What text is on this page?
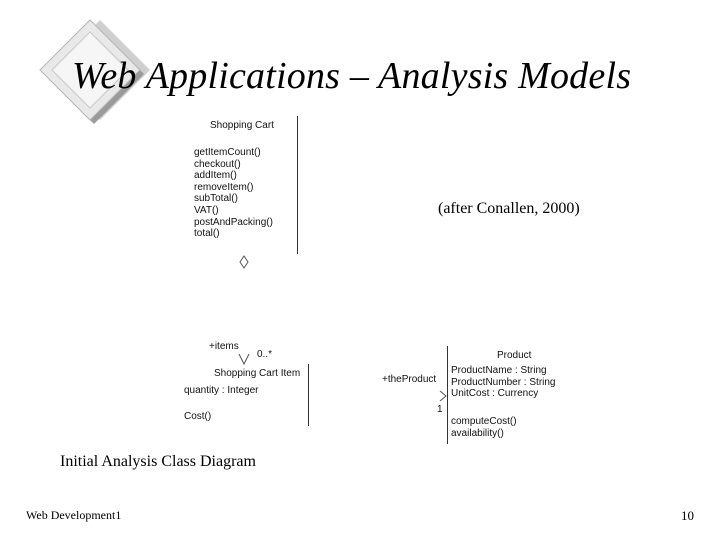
Web Applications – Analysis Models
Shopping Cart
getItemCount()
checkout()
addItem()
removeItem()
subTotal()
VAT()
postAndPacking()
total()
+items
0..*
Shopping Cart Item
quantity : Integer
Cost()
+theProduct
1
Product
ProductName : String
ProductNumber : String
UnitCost : Currency
computeCost()
availability()
(after Conallen, 2000)
Initial Analysis Class Diagram
Web Development1	10
